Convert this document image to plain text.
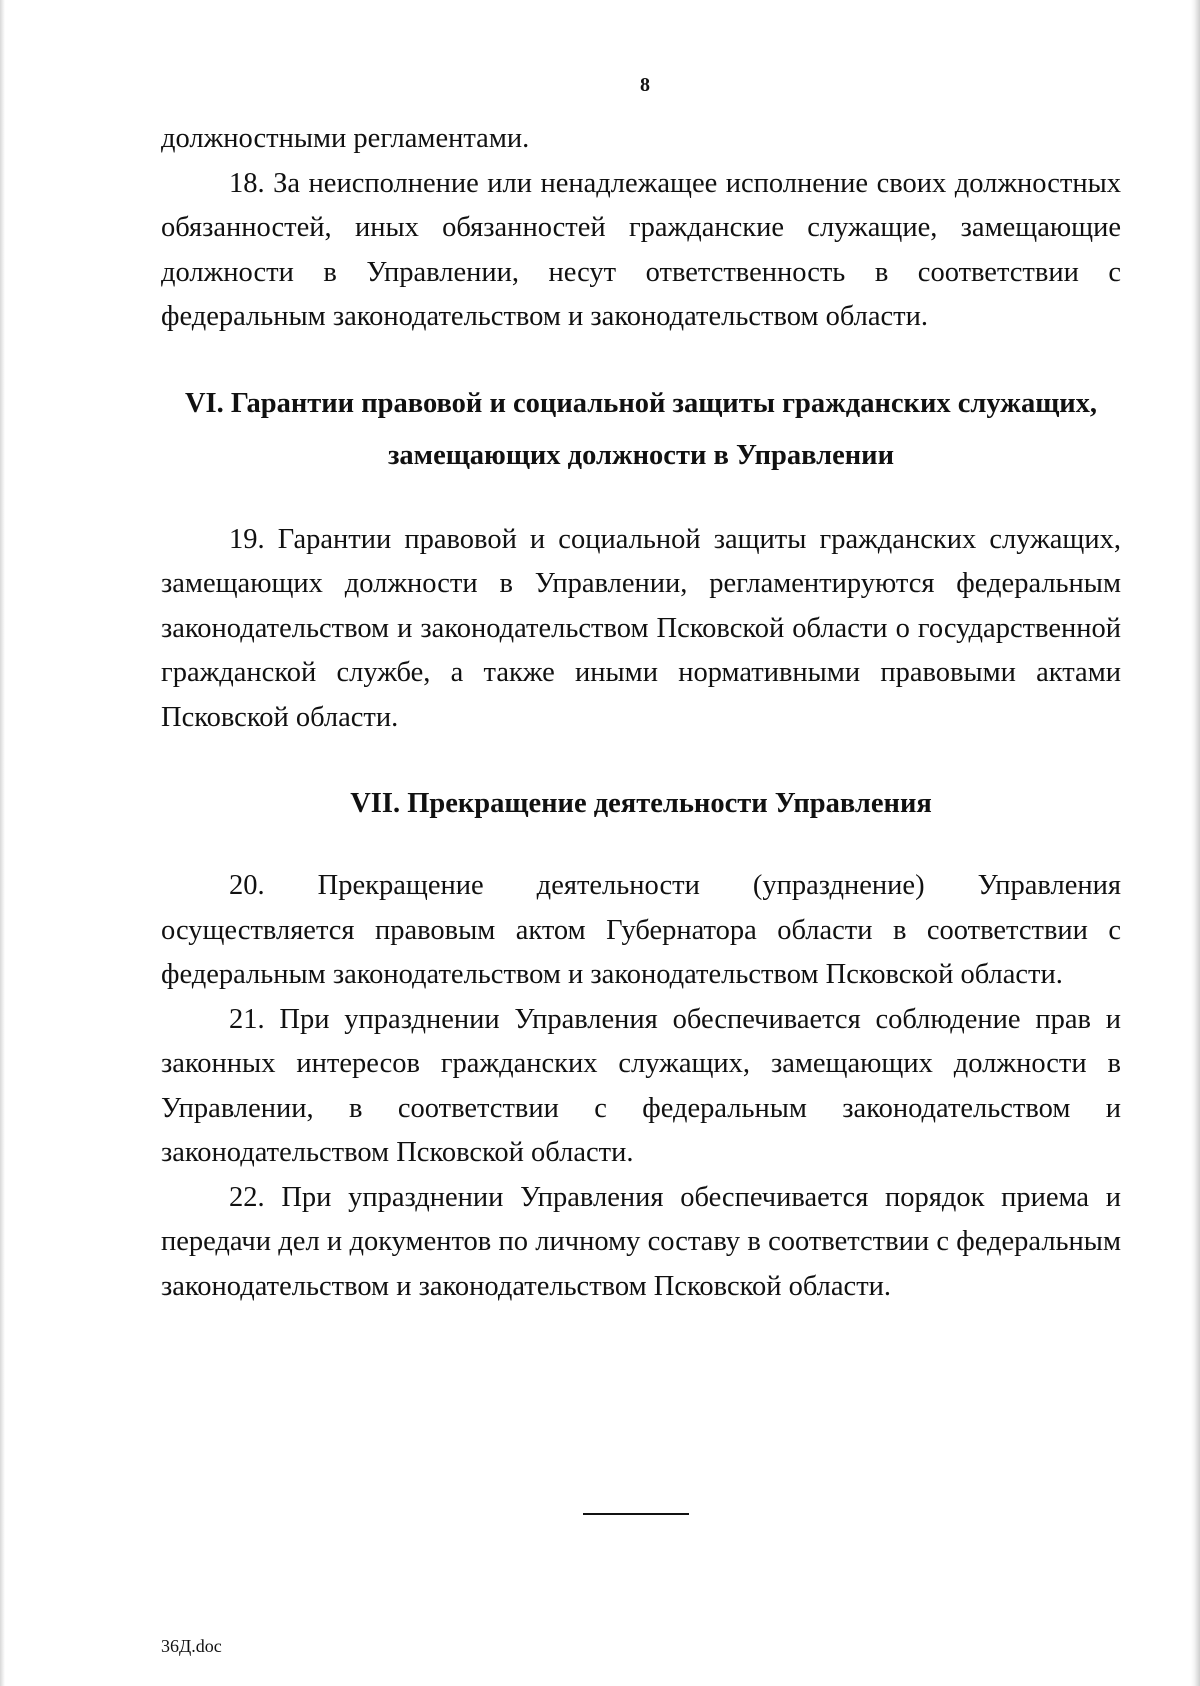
8

должностными регламентами.

18. За неисполнение или ненадлежащее исполнение своих должностных обязанностей, иных обязанностей гражданские служащие, замещающие должности в Управлении, несут ответственность в соответствии с федеральным законодательством и законодательством области.

VI. Гарантии правовой и социальной защиты гражданских служащих,
замещающих должности в Управлении

19. Гарантии правовой и социальной защиты гражданских служащих, замещающих должности в Управлении, регламентируются федеральным законодательством и законодательством Псковской области о государственной гражданской службе, а также иными нормативными правовыми актами Псковской области.

VII. Прекращение деятельности Управления

20. Прекращение деятельности (упразднение) Управления осуществляется правовым актом Губернатора области в соответствии с федеральным законодательством и законодательством Псковской области.

21. При упразднении Управления обеспечивается соблюдение прав и законных интересов гражданских служащих, замещающих должности в Управлении, в соответствии с федеральным законодательством и законодательством Псковской области.

22. При упразднении Управления обеспечивается порядок приема и передачи дел и документов по личному составу в соответствии с федеральным законодательством и законодательством Псковской области.

36Д.doc
